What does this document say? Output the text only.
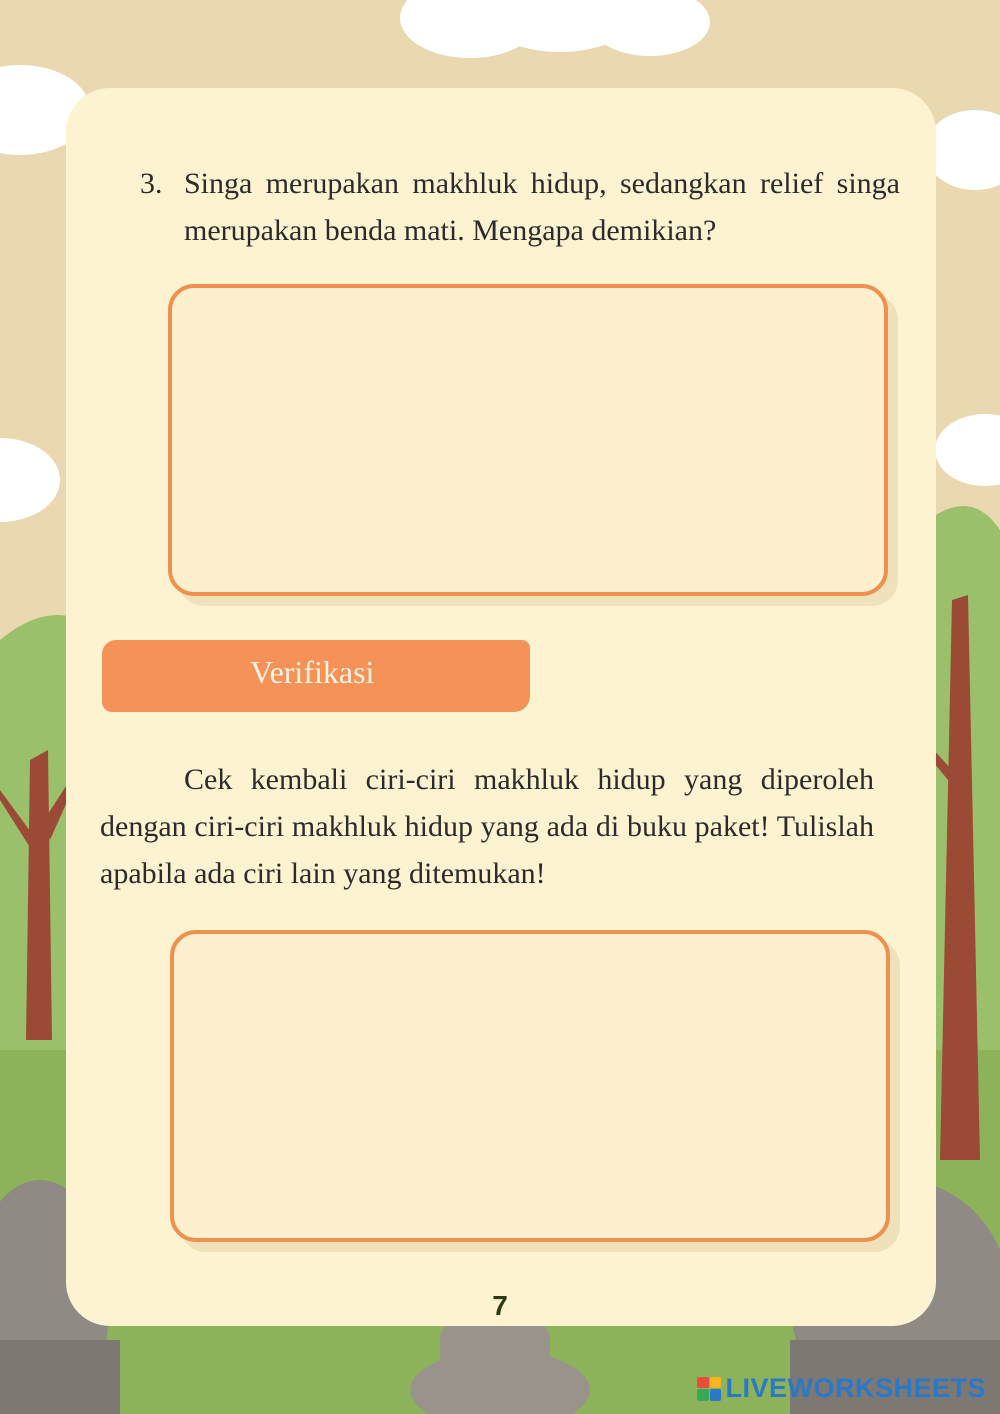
3. Singa merupakan makhluk hidup, sedangkan relief singa merupakan benda mati. Mengapa demikian?
Verifikasi
Cek kembali ciri-ciri makhluk hidup yang diperoleh dengan ciri-ciri makhluk hidup yang ada di buku paket! Tulislah apabila ada ciri lain yang ditemukan!
7
LIVEWORKSHEETS
